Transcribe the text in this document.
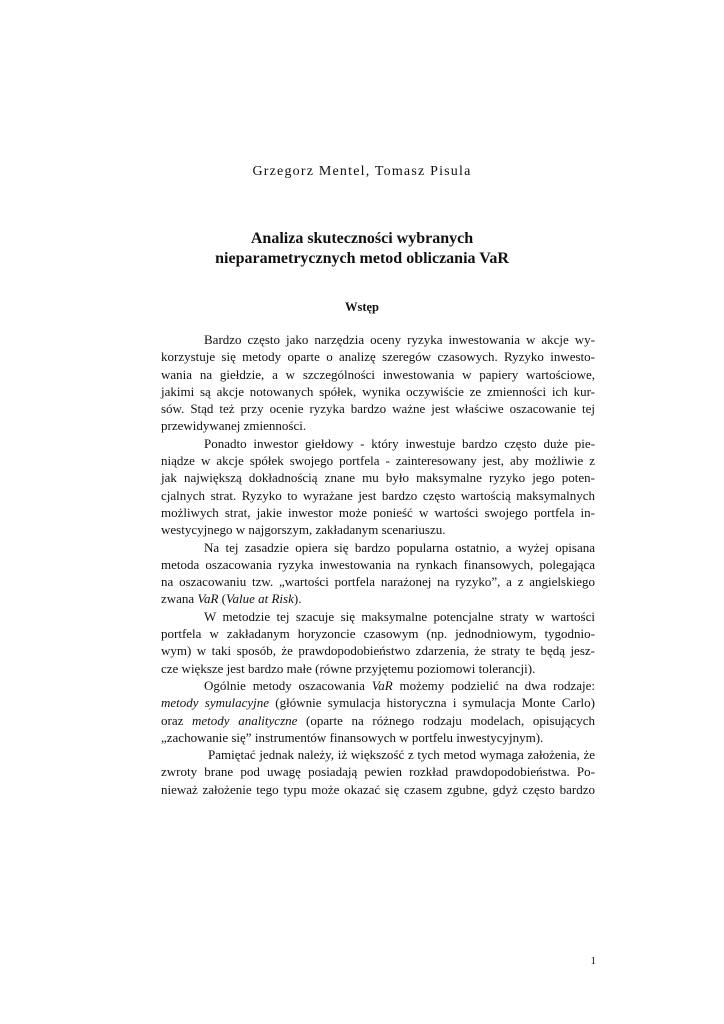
Grzegorz Mentel, Tomasz Pisula
Analiza skuteczności wybranych
nieparametrycznych metod obliczania VaR
Wstęp
Bardzo często jako narzędzia oceny ryzyka inwestowania w akcje wy-
korzystuje się metody oparte o analizę szeregów czasowych. Ryzyko inwesto-
wania na giełdzie, a w szczególności inwestowania w papiery wartościowe,
jakimi są akcje notowanych spółek, wynika oczywiście ze zmienności ich kur-
sów. Stąd też przy ocenie ryzyka bardzo ważne jest właściwe oszacowanie tej
przewidywanej zmienności.
Ponadto inwestor giełdowy - który inwestuje bardzo często duże pie-
niądze w akcje spółek swojego portfela - zainteresowany jest, aby możliwie z
jak największą dokładnością znane mu było maksymalne ryzyko jego poten-
cjalnych strat. Ryzyko to wyrażane jest bardzo często wartością maksymalnych
możliwych strat, jakie inwestor może ponieść w wartości swojego portfela in-
westycyjnego w najgorszym, zakładanym scenariuszu.
Na tej zasadzie opiera się bardzo popularna ostatnio, a wyżej opisana
metoda oszacowania ryzyka inwestowania na rynkach finansowych, polegająca
na oszacowaniu tzw. „wartości portfela narażonej na ryzyko”, a z angielskiego
zwana VaR (Value at Risk).
W metodzie tej szacuje się maksymalne potencjalne straty w wartości
portfela w zakładanym horyzoncie czasowym (np. jednodniowym, tygodnio-
wym) w taki sposób, że prawdopodobieństwo zdarzenia, że straty te będą jesz-
cze większe jest bardzo małe (równe przyjętemu poziomowi tolerancji).
Ogólnie metody oszacowania VaR możemy podzielić na dwa rodzaje:
metody symulacyjne (głównie symulacja historyczna i symulacja Monte Carlo)
oraz metody analityczne (oparte na różnego rodzaju modelach, opisujących
„zachowanie się” instrumentów finansowych w portfelu inwestycyjnym).
Pamiętać jednak należy, iż większość z tych metod wymaga założenia, że
zwroty brane pod uwagę posiadają pewien rozkład prawdopodobieństwa. Po-
nieważ założenie tego typu może okazać się czasem zgubne, gdyż często bardzo
1
